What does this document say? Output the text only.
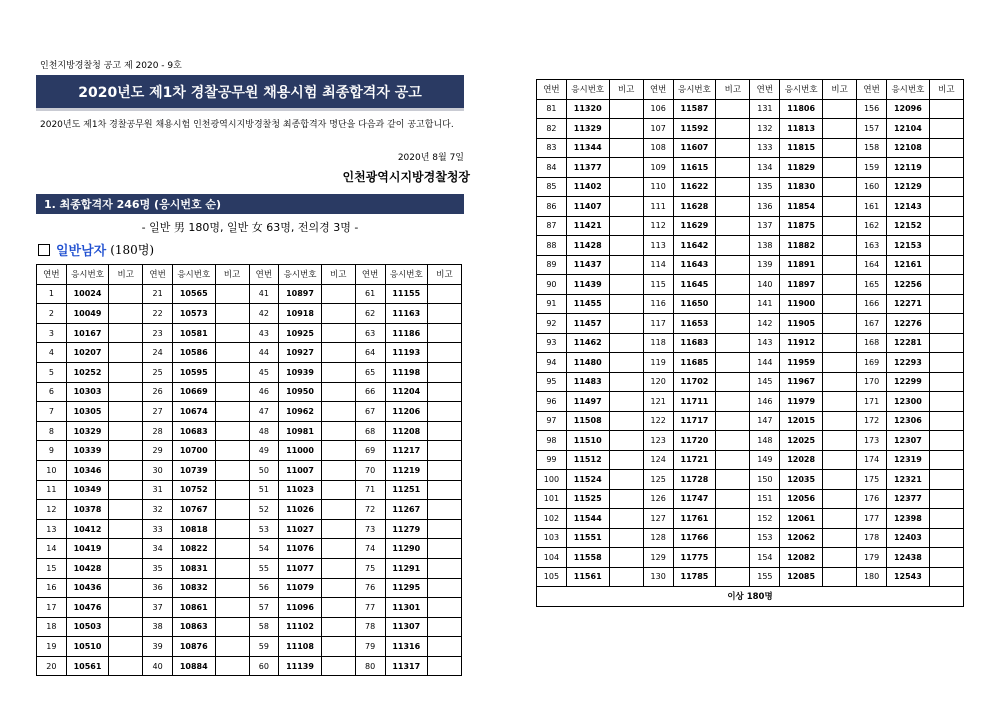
인천지방경찰청 공고 제 2020 - 9호
2020년도 제1차 경찰공무원 채용시험 최종합격자 공고
2020년도 제1차 경찰공무원 채용시험 인천광역시지방경찰청 최종합격자 명단을 다음과 같이 공고합니다.
2020년 8월 7일
인천광역시지방경찰청장
1. 최종합격자 246명 (응시번호 순)
- 일반 男 180명, 일반 女 63명, 전의경 3명 -
일반남자 (180명)
연번	응시번호	비고	연번	응시번호	비고	연번	응시번호	비고	연번	응시번호	비고
1	10024		21	10565		41	10897		61	11155	
2	10049		22	10573		42	10918		62	11163	
3	10167		23	10581		43	10925		63	11186	
4	10207		24	10586		44	10927		64	11193	
5	10252		25	10595		45	10939		65	11198	
6	10303		26	10669		46	10950		66	11204	
7	10305		27	10674		47	10962		67	11206	
8	10329		28	10683		48	10981		68	11208	
9	10339		29	10700		49	11000		69	11217	
10	10346		30	10739		50	11007		70	11219	
11	10349		31	10752		51	11023		71	11251	
12	10378		32	10767		52	11026		72	11267	
13	10412		33	10818		53	11027		73	11279	
14	10419		34	10822		54	11076		74	11290	
15	10428		35	10831		55	11077		75	11291	
16	10436		36	10832		56	11079		76	11295	
17	10476		37	10861		57	11096		77	11301	
18	10503		38	10863		58	11102		78	11307	
19	10510		39	10876		59	11108		79	11316	
20	10561		40	10884		60	11139		80	11317	
연번	응시번호	비고	연번	응시번호	비고	연번	응시번호	비고	연번	응시번호	비고
81	11320		106	11587		131	11806		156	12096	
82	11329		107	11592		132	11813		157	12104	
83	11344		108	11607		133	11815		158	12108	
84	11377		109	11615		134	11829		159	12119	
85	11402		110	11622		135	11830		160	12129	
86	11407		111	11628		136	11854		161	12143	
87	11421		112	11629		137	11875		162	12152	
88	11428		113	11642		138	11882		163	12153	
89	11437		114	11643		139	11891		164	12161	
90	11439		115	11645		140	11897		165	12256	
91	11455		116	11650		141	11900		166	12271	
92	11457		117	11653		142	11905		167	12276	
93	11462		118	11683		143	11912		168	12281	
94	11480		119	11685		144	11959		169	12293	
95	11483		120	11702		145	11967		170	12299	
96	11497		121	11711		146	11979		171	12300	
97	11508		122	11717		147	12015		172	12306	
98	11510		123	11720		148	12025		173	12307	
99	11512		124	11721		149	12028		174	12319	
100	11524		125	11728		150	12035		175	12321	
101	11525		126	11747		151	12056		176	12377	
102	11544		127	11761		152	12061		177	12398	
103	11551		128	11766		153	12062		178	12403	
104	11558		129	11775		154	12082		179	12438	
105	11561		130	11785		155	12085		180	12543	
이상 180명											
